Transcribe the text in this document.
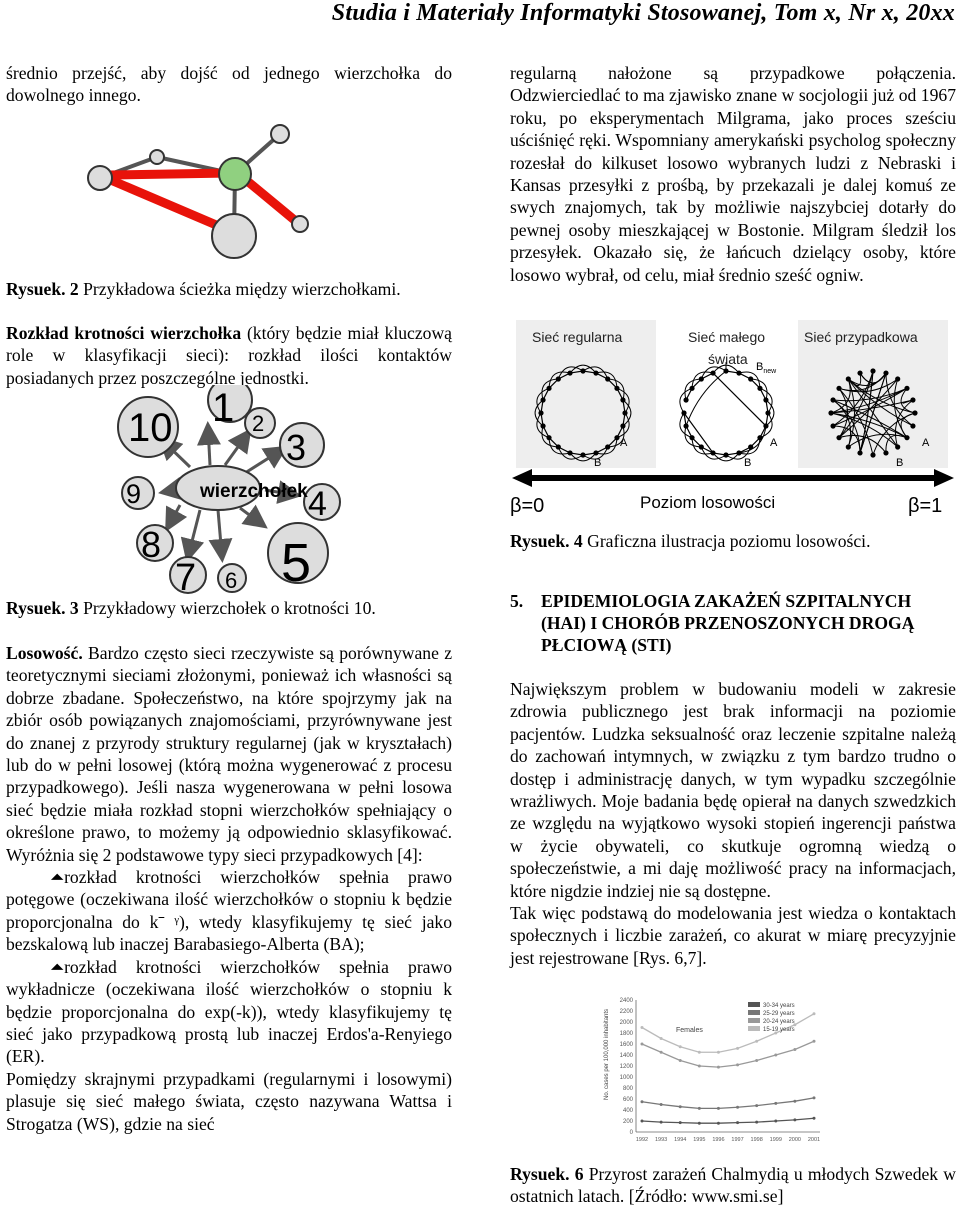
Studia i Materiały Informatyki Stosowanej, Tom x, Nr x, 20xx

średnio przejść, aby dojść od jednego wierzchołka do dowolnego innego.

Rysuek. 2 Przykładowa ścieżka między wierzchołkami.

Rozkład krotności wierzchołka (który będzie miał kluczową role w klasyfikacji sieci): rozkład ilości kontaktów posiadanych przez poszczególne jednostki.

wierzchołek
1 2
3
4
5
6
7
8
9
10
Rysuek. 3 Przykładowy wierzchołek o krotności 10.

Losowość. Bardzo często sieci rzeczywiste są porównywane z teoretycznymi sieciami złożonymi, ponieważ ich własności są dobrze zbadane. Społeczeństwo, na które spojrzymy jak na zbiór osób powiązanych znajomościami, przyrównywane jest do znanej z przyrody struktury regularnej (jak w kryształach) lub do w pełni losowej (którą można wygenerować z procesu przypadkowego). Jeśli nasza wygenerowana w pełni losowa sieć będzie miała rozkład stopni wierzchołków spełniający o określone prawo, to możemy ją odpowiednio sklasyfikować. Wyróżnia się 2 podstawowe typy sieci przypadkowych [4]:

⏶rozkład krotności wierzchołków spełnia prawo potęgowe (oczekiwana ilość wierzchołków o stopniu k będzie proporcjonalna do k⁻ ᵞ), wtedy klasyfikujemy tę sieć jako bezskalową lub inaczej Barabasiego-Alberta (BA);

⏶rozkład krotności wierzchołków spełnia prawo wykładnicze (oczekiwana ilość wierzchołków o stopniu k będzie proporcjonalna do exp(-k)), wtedy klasyfikujemy tę sieć jako przypadkową prostą lub inaczej Erdos'a-Renyiego (ER).

Pomiędzy skrajnymi przypadkami (regularnymi i losowymi) plasuje się sieć małego świata, często nazywana Wattsa i Strogatza (WS), gdzie na sieć

regularną nałożone są przypadkowe połączenia. Odzwierciedlać to ma zjawisko znane w socjologii już od 1967 roku, po eksperymentach Milgrama, jako proces sześciu uściśnięć ręki. Wspomniany amerykański psycholog społeczny rozesłał do kilkuset losowo wybranych ludzi z Nebraski i Kansas przesyłki z prośbą, by przekazali je dalej komuś ze swych znajomych, tak by możliwie najszybciej dotarły do pewnej osoby mieszkającej w Bostonie. Milgram śledził los przesyłek. Okazało się, że łańcuch dzielący osoby, które losowo wybrał, od celu, miał średnio sześć ogniw.

Sieć regularna	Sieć małego
świata
Sieć przypadkowa
$B_{new}$
A
B
A
B
A
B
β=0	Poziom losowości	β=1
Rysuek. 4 Graficzna ilustracja poziomu losowości.
5. EPIDEMIOLOGIA ZAKAŻEŃ SZPITALNYCH (HAI) I CHORÓB PRZENOSZONYCH DROGĄ PŁCIOWĄ (STI)

Największym problem w budowaniu modeli w zakresie zdrowia publicznego jest brak informacji na poziomie pacjentów. Ludzka seksualność oraz leczenie szpitalne należą do zachowań intymnych, w związku z tym bardzo trudno o dostęp i administrację danych, w tym wypadku szczególnie wrażliwych. Moje badania będę opierał na danych szwedzkich ze względu na wyjątkowo wysoki stopień ingerencji państwa w życie obywateli, co skutkuje ogromną wiedzą o społeczeństwie, a mi daję możliwość pracy na informacjach, które nigdzie indziej nie są dostępne.

Tak więc podstawą do modelowania jest wiedza o kontaktach społecznych i liczbie zarażeń, co akurat w miarę precyzyjnie jest rejestrowane [Rys. 6,7].

No. cases per 100,000 inhabitants	Females
0
200
400
600
800
1000
1200
1400
1600
1800
2000
2200
2400
1992 1993 1994 1995 1996 1997 1998 1999 2000 2001
30-34 years
25-29 years
20-24 years
15-19 years
Rysuek. 6 Przyrost zarażeń Chalmydią u młodych Szwedek w ostatnich latach. [Źródło: www.smi.se]
